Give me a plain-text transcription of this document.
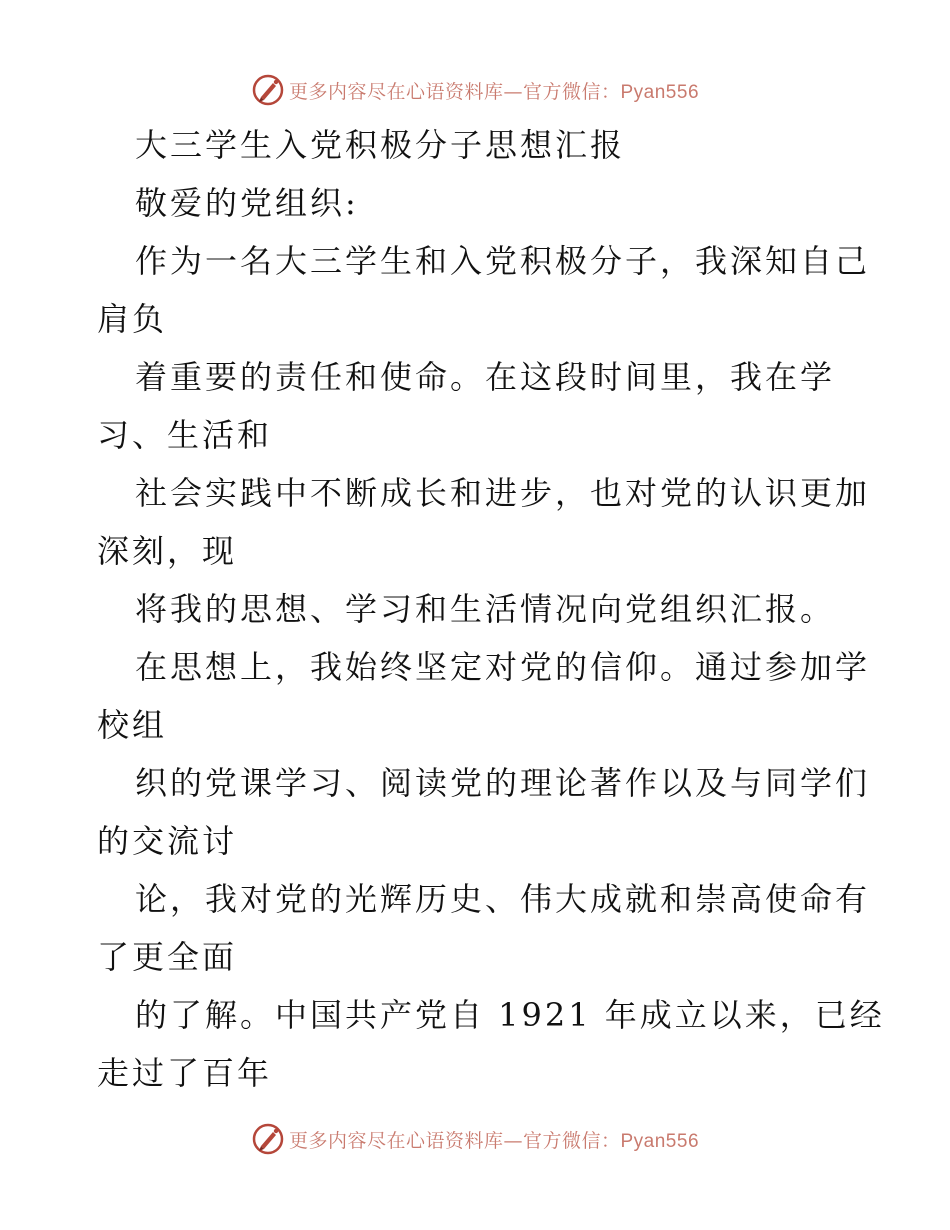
更多内容尽在心语资料库—官方微信：Pyan556
大三学生入党积极分子思想汇报
敬爱的党组织:
作为一名大三学生和入党积极分子，我深知自己
肩负
着重要的责任和使命。在这段时间里，我在学
习、生活和
社会实践中不断成长和进步，也对党的认识更加
深刻，现
将我的思想、学习和生活情况向党组织汇报。
在思想上，我始终坚定对党的信仰。通过参加学
校组
织的党课学习、阅读党的理论著作以及与同学们
的交流讨
论，我对党的光辉历史、伟大成就和崇高使命有
了更全面
的了解。中国共产党自 1921 年成立以来，已经
走过了百年
更多内容尽在心语资料库—官方微信：Pyan556
